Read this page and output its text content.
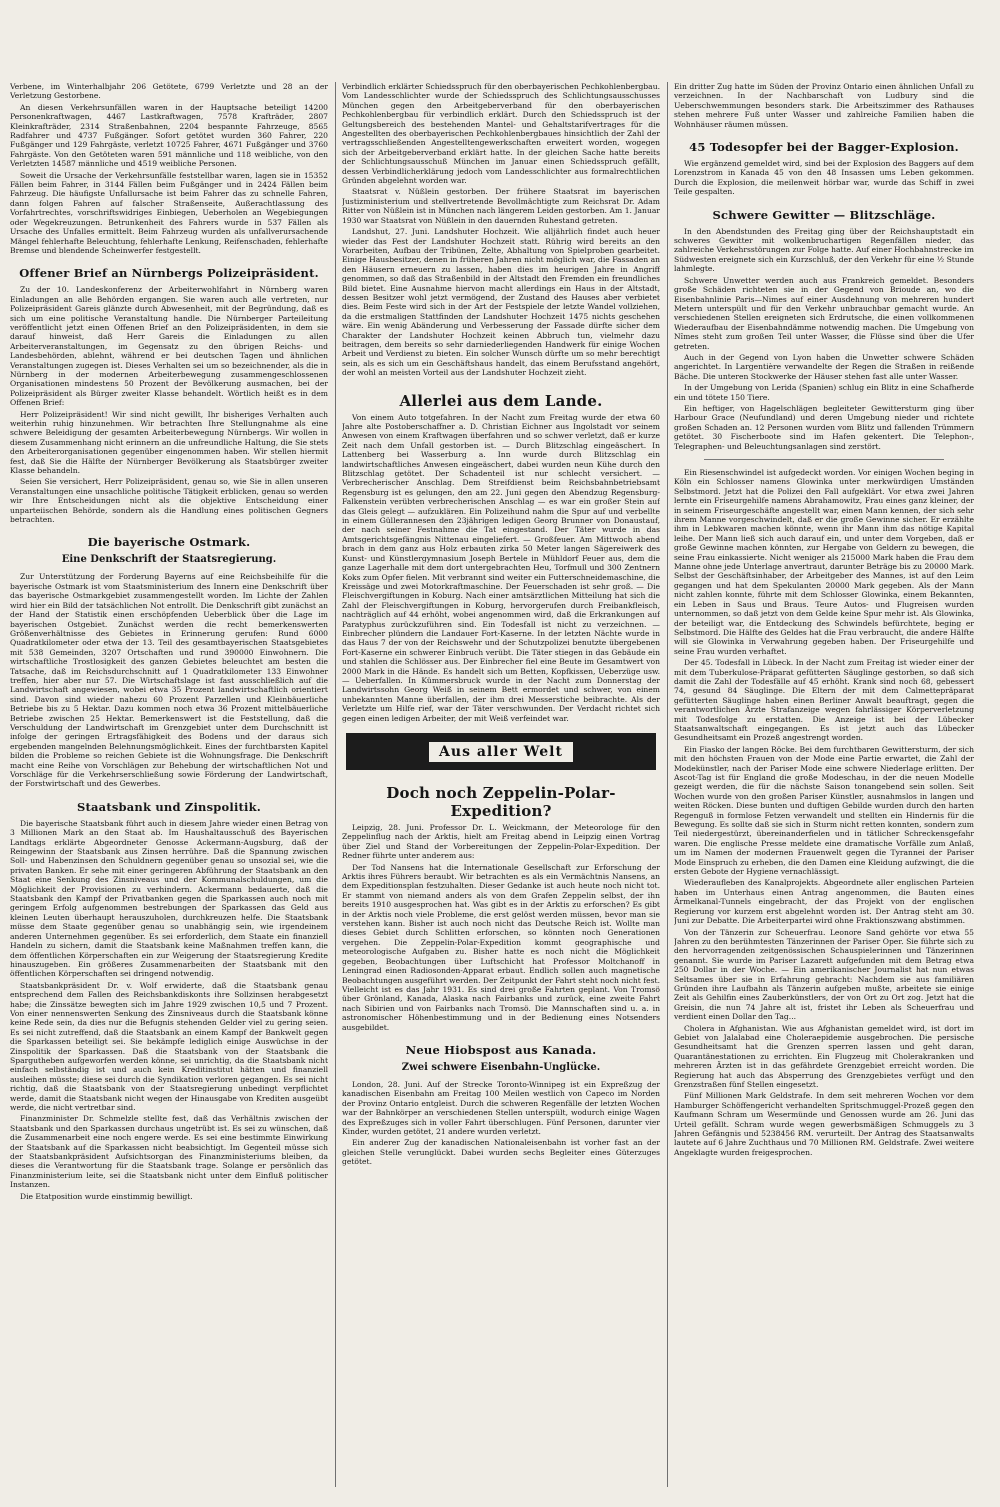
Verbene, im Winterhalbjahr 206 Getötete, 6799 Verletzte und 28 an der Verletzung Gestorbene.

An diesen Verkehrsunfällen waren in der Hauptsache beteiligt 14200 Personenkraftwagen, 4467 Lastkraftwagen, 7578 Krafträder, 2807 Kleinkrafträder, 2314 Straßenbahnen, 2204 bespannte Fahrzeuge, 8565 Radfahrer und 4737 Fußgänger. Sofort getötet wurden 360 Fahrer, 220 Fußgänger und 129 Fahrgäste, verletzt 10725 Fahrer, 4671 Fußgänger und 3760 Fahrgäste. Von den Getöteten waren 591 männliche und 118 weibliche, von den Verletzten 14587 männliche und 4519 weibliche Personen.

Soweit die Ursache der Verkehrsunfälle feststellbar waren, lagen sie in 15352 Fällen beim Fahrer, in 3144 Fällen beim Fußgänger und in 2424 Fällen beim Fahrzeug. Die häufigste Unfallursache ist beim Fahrer das zu schnelle Fahren, dann folgen Fahren auf falscher Straßenseite, Außerachtlassung des Vorfahrtrechtes, vorschriftswidriges Einbiegen, Ueberholen an Wegebiegungen oder Wegekreuzungen. Betrunkenheit des Fahrers wurde in 537 Fällen als Ursache des Unfalles ermittelt. Beim Fahrzeug wurden als unfallverursachende Mängel fehlerhafte Beleuchtung, fehlerhafte Lenkung, Reifenschaden, fehlerhafte Bremse und blendende Scheinwerfer festgestellt.

Offener Brief an Nürnbergs Polizeipräsident.

Zu der 10. Landeskonferenz der Arbeiterwohlfahrt in Nürnberg waren Einladungen an alle Behörden ergangen. Sie waren auch alle vertreten, nur Polizeipräsident Gareis glänzte durch Abwesenheit, mit der Begründung, daß es sich um eine politische Veranstaltung handle. Die Nürnberger Parteileitung veröffentlicht jetzt einen Offenen Brief an den Polizeipräsidenten, in dem sie darauf hinweist, daß Herr Gareis die Einladungen zu allen Arbeiterveranstaltungen, im Gegensatz zu den übrigen Reichs- und Landesbehörden, ablehnt, während er bei deutschen Tagen und ähnlichen Veranstaltungen zugegen ist. Dieses Verhalten sei um so bezeichnender, als die in Nürnberg in der modernen Arbeiterbewegung zusammengeschlossenen Organisationen mindestens 50 Prozent der Bevölkerung ausmachen, bei der Polizeipräsident als Bürger zweiter Klasse behandelt. Wörtlich heißt es in dem Offenen Brief:

Herr Polizeipräsident! Wir sind nicht gewillt, Ihr bisheriges Verhalten auch weiterhin ruhig hinzunehmen. Wir betrachten Ihre Stellungnahme als eine schwere Beleidigung der gesamten Arbeiterbewegung Nürnbergs. Wir wollen in diesem Zusammenhang nicht erinnern an die unfreundliche Haltung, die Sie stets den Arbeiterorganisationen gegenüber eingenommen haben. Wir stellen hiermit fest, daß Sie die Hälfte der Nürnberger Bevölkerung als Staatsbürger zweiter Klasse behandeln.

Seien Sie versichert, Herr Polizeipräsident, genau so, wie Sie in allen unseren Veranstaltungen eine unsachliche politische Tätigkeit erblicken, genau so werden wir Ihre Entscheidungen nicht als die objektive Entscheidung einer unparteiischen Behörde, sondern als die Handlung eines politischen Gegners betrachten.

Die bayerische Ostmark.
Eine Denkschrift der Staatsregierung.

Zur Unterstützung der Forderung Bayerns auf eine Reichsbeihilfe für die bayerische Ostmark ist vom Staatsministerium des Innern eine Denkschrift über das bayerische Ostmarkgebiet zusammengestellt worden. Im Lichte der Zahlen wird hier ein Bild der tatsächlichen Not entrollt. Die Denkschrift gibt zunächst an der Hand der Statistik einen erschöpfenden Ueberblick über die Lage im bayerischen Ostgebiet. Zunächst werden die recht bemerkenswerten Größenverhältnisse des Gebietes in Erinnerung gerufen: Rund 6000 Quadratkilometer oder etwa der 13. Teil des gesamtbayerischen Staatsgebietes mit 538 Gemeinden, 3207 Ortschaften und rund 390000 Einwohnern. Die wirtschaftliche Trostlosigkeit des ganzen Gebietes beleuchtet am besten die Tatsache, daß im Reichsdurchschnitt auf 1 Quadratkilometer 133 Einwohner treffen, hier aber nur 57. Die Wirtschaftslage ist fast ausschließlich auf die Landwirtschaft angewiesen, wobei etwa 35 Prozent landwirtschaftlich orientiert sind. Davon sind wieder nahezu 60 Prozent Parzellen und Kleinbäuerliche Betriebe bis zu 5 Hektar. Dazu kommen noch etwa 36 Prozent mittelbäuerliche Betriebe zwischen 25 Hektar. Bemerkenswert ist die Feststellung, daß die Verschuldung der Landwirtschaft im Grenzgebiet unter dem Durchschnitt ist infolge der geringen Ertragsfähigkeit des Bodens und der daraus sich ergebenden mangelnden Belehnungsmöglichkeit. Eines der furchtbarsten Kapitel bilden die Probleme so reichen Gebiete ist die Wohnungsfrage. Die Denkschrift macht eine Reihe von Vorschlägen zur Behebung der wirtschaftlichen Not und Vorschläge für die Verkehrserschließung sowie Förderung der Landwirtschaft, der Forstwirtschaft und des Gewerbes.

Staatsbank und Zinspolitik.

Die bayerische Staatsbank führt auch in diesem Jahre wieder einen Betrag von 3 Millionen Mark an den Staat ab. Im Haushaltausschuß des Bayerischen Landtags erklärte Abgeordneter Genosse Ackermann-Augsburg, daß der Reingewinn der Staatsbank aus Zinsen herrühre. Daß die Spannung zwischen Soll- und Habenzinsen den Schuldnern gegenüber genau so unsozial sei, wie die privaten Banken. Er sehe mit einer geringeren Abführung der Staatsbank an den Staat eine Senkung des Zinsniveaus und der Kommunalschuldungen, um die Möglichkeit der Provisionen zu verhindern. Ackermann bedauerte, daß die Staatsbank den Kampf der Privatbanken gegen die Sparkassen auch noch mit geringem Erfolg aufgenommen bestrebungen der Sparkassen das Geld aus kleinen Leuten überhaupt herauszuholen, durchkreuzen helfe. Die Staatsbank müsse dem Staate gegenüber genau so unabhängig sein, wie irgendeinem anderen Unternehmen gegenüber. Es sei erforderlich, dem Staate ein finanziell Handeln zu sichern, damit die Staatsbank keine Maßnahmen treffen kann, die dem öffentlichen Körperschaften ein zur Weigerung der Staatsregierung Kredite hinauszugeben. Ein größeres Zusammenarbeiten der Staatsbank mit den öffentlichen Körperschaften sei dringend notwendig.

Staatsbankpräsident Dr. v. Wolf erwiderte, daß die Staatsbank genau entsprechend dem Fallen des Reichsbankdiskonts ihre Sollzinsen herabgesetzt habe; die Zinssätze bewegten sich im Jahre 1929 zwischen 10,5 und 7 Prozent. Von einer nennenswerten Senkung des Zinsniveaus durch die Staatsbank könne keine Rede sein, da dies nur die Befugnis stehenden Gelder viel zu gering seien. Es sei nicht zutreffend, daß die Staatsbank an einem Kampf der Bankwelt gegen die Sparkassen beteiligt sei. Sie bekämpfe lediglich einige Auswüchse in der Zinspolitik der Sparkassen. Daß die Staatsbank von der Staatsbank die Spargutheben aufgeworfen werden könne, sei unrichtig, da die Staatsbank nicht einfach selbständig ist und auch kein Kreditinstitut hätten und finanziell ausleihen müsste; diese sei durch die Syndikation verloren gegangen. Es sei nicht richtig, daß die Staatsbank von der Staatsregierung unbedingt verpflichtet werde, damit die Staatsbank nicht wegen der Hinausgabe von Krediten ausgeübt werde, die nicht vertretbar sind.

Finanzminister Dr. Schmelzle stellte fest, daß das Verhältnis zwischen der Staatsbank und den Sparkassen durchaus ungetrübt ist. Es sei zu wünschen, daß die Zusammenarbeit eine noch engere werde. Es sei eine bestimmte Einwirkung der Staatsbank auf die Sparkassen nicht beabsichtigt. Im Gegenteil müsse sich der Staatsbankpräsident Aufsichtsorgan des Finanzministeriums bleiben, da dieses die Verantwortung für die Staatsbank trage. Solange er persönlich das Finanzministerium leite, sei die Staatsbank nicht unter dem Einfluß politischer Instanzen.

Die Etatposition wurde einstimmig bewilligt.

Verbindlich erklärter Schiedsspruch für den oberbayerischen Pechkohlenbergbau. Vom Landesschlichter wurde der Schiedsspruch des Schlichtungsausschusses München gegen den Arbeitgeberverband für den oberbayerischen Pechkohlenbergbau für verbindlich erklärt. Durch den Schiedsspruch ist der Geltungsbereich des bestehenden Mantel- und Gehaltstarifvertrages für die Angestellten des oberbayerischen Pechkohlenbergbaues hinsichtlich der Zahl der vertragsschließenden Angestelltengewerkschaften erweitert worden, wogegen sich der Arbeitgeberverband erklärt hatte. In der gleichen Sache hatte bereits der Schlichtungsausschuß München im Januar einen Schiedsspruch gefällt, dessen Verbindlicherklärung jedoch vom Landesschlichter aus formalrechtlichen Gründen abgelehnt worden war.

Staatsrat v. Nüßlein gestorben. Der frühere Staatsrat im bayerischen Justizministerium und stellvertretende Bevollmächtigte zum Reichsrat Dr. Adam Ritter von Nüßlein ist in München nach längerem Leiden gestorben. Am 1. Januar 1930 war Staatsrat von Nüßlein in den dauernden Ruhestand getreten.

Landshut, 27. Juni. Landshuter Hochzeit. Wie alljährlich findet auch heuer wieder das Fest der Landshuter Hochzeit statt. Rührig wird bereits an den Vorarbeiten, Aufbau der Tribünen, Zelte, Abhaltung von Spielproben gearbeitet. Einige Hausbesitzer, denen in früheren Jahren nicht möglich war, die Fassaden an den Häusern erneuern zu lassen, haben dies im heurigen Jahre in Angriff genommen, so daß das Straßenbild in der Altstadt den Fremden ein freundliches Bild bietet. Eine Ausnahme hiervon macht allerdings ein Haus in der Altstadt, dessen Besitzer wohl jetzt vermögend, der Zustand des Hauses aber verbietet dies. Beim Feste wird sich in der Art der Festspiele der letzte Wandel vollziehen, da die erstmaligen Stattfinden der Landshuter Hochzeit 1475 nichts geschehen wäre. Ein wenig Abänderung und Verbesserung der Fassade dürfte sicher dem Charakter der Landshuter Hochzeit keinen Abbruch tun, vielmehr dazu beitragen, dem bereits so sehr darniederliegenden Handwerk für einige Wochen Arbeit und Verdienst zu bieten. Ein solcher Wunsch dürfte um so mehr berechtigt sein, als es sich um ein Geschäftshaus handelt, das einem Berufsstand angehört, der wohl an meisten Vorteil aus der Landshuter Hochzeit zieht.

Allerlei aus dem Lande.

Von einem Auto totgefahren. In der Nacht zum Freitag wurde der etwa 60 Jahre alte Postoberschaffner a. D. Christian Eichner aus Ingolstadt vor seinem Anwesen von einem Kraftwagen überfahren und so schwer verletzt, daß er kurze Zeit nach dem Unfall gestorben ist. — Durch Blitzschlag eingeäschert. In Lattenberg bei Wasserburg a. Inn wurde durch Blitzschlag ein landwirtschaftliches Anwesen eingeäschert, dabei wurden neun Kühe durch den Blitzschlag getötet. Der Schadenteil ist nur schlecht versichert. — Verbrecherischer Anschlag. Dem Streifdienst beim Reichsbahnbetriebsamt Regensburg ist es gelungen, den am 22. Juni gegen den Abendzug Regensburg-Falkenstein verübten verbrecherischen Anschlag — es war ein großer Stein auf das Gleis gelegt — aufzuklären. Ein Polizeihund nahm die Spur auf und verbellte in einem Güllerannesen den 23jährigen ledigen Georg Brunner von Donaustauf, der nach seiner Festnahme die Tat eingestand. Der Täter wurde in das Amtsgerichtsgefängnis Nittenau eingeliefert. — Großfeuer. Am Mittwoch abend brach in dem ganz aus Holz erbauten zirka 50 Meter langen Sägereiwerk des Kunst- und Künstlergymnasium Joseph Bertele in Mühldorf Feuer aus, dem die ganze Lagerhalle mit dem dort untergebrachten Heu, Torfmull und 300 Zentnern Koks zum Opfer fielen. Mit verbrannt sind weiter ein Futterschneidemaschine, die Kreissäge und zwei Motorkraftmaschine. Der Feuerschaden ist sehr groß. — Die Fleischvergiftungen in Koburg. Nach einer amtsärztlichen Mitteilung hat sich die Zahl der Fleischvergiftungen in Koburg, hervorgerufen durch Freibankfleisch, nachträglich auf 44 erhöht, wobei angenommen wird, daß die Erkrankungen auf Paratyphus zurückzuführen sind. Ein Todesfall ist nicht zu verzeichnen. — Einbrecher plündern die Landauer Fort-Kaserne. In der letzten Nächte wurde in das Haus 7 der von der Reichswehr und der Schutzpolizei benutzte übergebenen Fort-Kaserne ein schwerer Einbruch verübt. Die Täter stiegen in das Gebäude ein und stahlen die Schlösser aus. Der Einbrecher fiel eine Beute im Gesamtwert von 2000 Mark in die Hände. Es handelt sich um Betten, Kopfkissen, Ueberzüge usw. — Ueberfallen. In Kümmersbruck wurde in der Nacht zum Donnerstag der Landwirtssohn Georg Weiß in seinem Bett ermordet und schwer, von einem unbekannten Manne überfallen, der ihm drei Messerstiche beibrachte. Als der Verletzte um Hilfe rief, war der Täter verschwunden. Der Verdacht richtet sich gegen einen ledigen Arbeiter, der mit Weiß verfeindet war.

Aus aller Welt
Doch noch Zeppelin-Polar-Expedition?

Leipzig, 28. Juni. Professor Dr. L. Weickmann, der Meteorologe für den Zeppelinflug nach der Arktis, hielt am Freitag abend in Leipzig einen Vortrag über Ziel und Stand der Vorbereitungen der Zeppelin-Polar-Expedition. Der Redner führte unter anderem aus:

Der Tod Nansens hat die Internationale Gesellschaft zur Erforschung der Arktis ihres Führers beraubt. Wir betrachten es als ein Vermächtnis Nansens, an dem Expeditionsplan festzuhalten. Dieser Gedanke ist auch heute noch nicht tot. Er stammt von niemand anders als von dem Grafen Zeppelin selbst, der ihn bereits 1910 ausgesprochen hat. Was gibt es in der Arktis zu erforschen? Es gibt in der Arktis noch viele Probleme, die erst gelöst werden müssen, bevor man sie verstehen kann. Bisher ist auch noch nicht das Deutsche Reich ist. Wollte man dieses Gebiet durch Schlitten erforschen, so könnten noch Generationen vergehen. Die Zeppelin-Polar-Expedition kommt geographische und meteorologische Aufgaben zu. Bisher hatte es noch nicht die Möglichkeit gegeben, Beobachtungen über Luftschicht hat Professor Moltchanoff in Leningrad einen Radiosonden-Apparat erbaut. Endlich sollen auch magnetische Beobachtungen ausgeführt werden. Der Zeitpunkt der Fahrt steht noch nicht fest. Vielleicht ist es das Jahr 1931. Es sind drei große Fahrten geplant. Von Tromsö über Grönland, Kanada, Alaska nach Fairbanks und zurück, eine zweite Fahrt nach Sibirien und von Fairbanks nach Tromsö. Die Mannschaften sind u. a. in astronomischer Höhenbestimmung und in der Bedienung eines Notsenders ausgebildet.

Neue Hiobspost aus Kanada.
Zwei schwere Eisenbahn-Unglücke.

London, 28. Juni. Auf der Strecke Toronto-Winnipeg ist ein Expreßzug der kanadischen Eisenbahn am Freitag 100 Meilen westlich von Capeco im Norden der Provinz Ontario entgleist. Durch die schweren Regenfälle der letzten Wochen war der Bahnkörper an verschiedenen Stellen unterspült, wodurch einige Wagen des Expreßzuges sich in voller Fahrt überschlugen. Fünf Personen, darunter vier Kinder, wurden getötet, 21 andere wurden verletzt.

Ein anderer Zug der kanadischen Nationaleisenbahn ist vorher fast an der gleichen Stelle verunglückt. Dabei wurden sechs Begleiter eines Güterzuges getötet.

Ein dritter Zug hatte im Süden der Provinz Ontario einen ähnlichen Unfall zu verzeichnen. In der Nachbarschaft von Ludbury sind die Ueberschwemmungen besonders stark. Die Arbeitszimmer des Rathauses stehen mehrere Fuß unter Wasser und zahlreiche Familien haben die Wohnhäuser räumen müssen.

45 Todesopfer bei der Bagger-Explosion.

Wie ergänzend gemeldet wird, sind bei der Explosion des Baggers auf dem Lorenzstrom in Kanada 45 von den 48 Insassen ums Leben gekommen. Durch die Explosion, die meilenweit hörbar war, wurde das Schiff in zwei Teile gespalten.

Schwere Gewitter — Blitzschläge.

In den Abendstunden des Freitag ging über der Reichshauptstadt ein schweres Gewitter mit wolkenbruchartigen Regenfällen nieder, das zahlreiche Verkehrsstörungen zur Folge hatte. Auf einer Hochbahnstrecke im Südwesten ereignete sich ein Kurzschluß, der den Verkehr für eine ½ Stunde lahmlegte.

Schwere Unwetter werden auch aus Frankreich gemeldet. Besonders große Schäden richteten sie in der Gegend von Brioude an, wo die Eisenbahnlinie Paris—Nimes auf einer Ausdehnung von mehreren hundert Metern unterspült und für den Verkehr unbrauchbar gemacht wurde. An verschiedenen Stellen ereigneten sich Erdrutsche, die einen vollkommenen Wiederaufbau der Eisenbahndämme notwendig machen. Die Umgebung von Nîmes steht zum großen Teil unter Wasser, die Flüsse sind über die Ufer getreten.

Auch in der Gegend von Lyon haben die Unwetter schwere Schäden angerichtet. In Largentière verwandelte der Regen die Straßen in reißende Bäche. Die unteren Stockwerke der Häuser stehen fast alle unter Wasser.

In der Umgebung von Lerida (Spanien) schlug ein Blitz in eine Schafherde ein und tötete 150 Tiere.

Ein heftiger, von Hagelschlägen begleiteter Gewittersturm ging über Harbour Grace (Neufundland) und deren Umgebung nieder und richtete großen Schaden an. 12 Personen wurden vom Blitz und fallenden Trümmern getötet. 30 Fischerboote sind im Hafen gekentert. Die Telephon-, Telegraphen- und Beleuchtungsanlagen sind zerstört.

Ein Riesenschwindel ist aufgedeckt worden. Vor einigen Wochen beging in Köln ein Schlosser namens Glowinka unter merkwürdigen Umständen Selbstmord. Jetzt hat die Polizei den Fall aufgeklärt. Vor etwa zwei Jahren lernte ein Friseurgehilfe namens Abrahamowitz, Frau eines ganz kleiner, der in seinem Friseurgeschäfte angestellt war, einen Mann kennen, der sich sehr ihrem Manne vorgeschwindelt, daß er die große Gewinne sicher. Er erzählte ihm in Lebkwaren machen könnte, wenn ihr Mann ihm das nötige Kapital leihe. Der Mann ließ sich auch darauf ein, und unter dem Vorgeben, daß er große Gewinne machen könnten, zur Hergabe von Geldern zu bewegen, die seine Frau einkassierte. Nicht weniger als 215000 Mark haben die Frau dem Manne ohne jede Unterlage anvertraut, darunter Beträge bis zu 20000 Mark. Selbst der Geschäftsinhaber, der Arbeitgeber des Mannes, ist auf den Leim gegangen und hat dem Spekulanten 20000 Mark gegeben. Als der Mann nicht zahlen konnte, führte mit dem Schlosser Glowinka, einem Bekannten, ein Leben in Saus und Braus. Teure Autos- und Flugreisen wurden unternommen, so daß jetzt von dem Gelde keine Spur mehr ist. Als Glowinka, der beteiligt war, die Entdeckung des Schwindels befürchtete, beging er Selbstmord. Die Hälfte des Geldes hat die Frau verbraucht, die andere Hälfte will sie Glowinka in Verwahrung gegeben haben. Der Friseurgehilfe und seine Frau wurden verhaftet.

Der 45. Todesfall in Lübeck. In der Nacht zum Freitag ist wieder einer der mit dem Tuberkulose-Präparat gefütterten Säuglinge gestorben, so daß sich damit die Zahl der Todesfälle auf 45 erhöht. Krank sind noch 68, gebessert 74, gesund 84 Säuglinge. Die Eltern der mit dem Calmettepräparat gefütterten Säuglinge haben einen Berliner Anwalt beauftragt, gegen die verantwortlichen Ärzte Strafanzeige wegen fahrlässiger Körperverletzung mit Todesfolge zu erstatten. Die Anzeige ist bei der Lübecker Staatsanwaltschaft eingegangen. Es ist jetzt auch das Lübecker Gesundheitsamt ein Prozeß angestrengt worden.

Ein Fiasko der langen Röcke. Bei dem furchtbaren Gewittersturm, der sich mit den höchsten Frauen von der Mode eine Partie erwartet, die Zahl der Modekünstler, nach der Pariser Mode eine schwere Niederlage erlitten. Der Ascot-Tag ist für England die große Modeschau, in der die neuen Modelle gezeigt werden, die für die nächste Saison tonangebend sein sollen. Seit Wochen wurde von den großen Pariser Künstler, ausnahmslos in langen und weiten Röcken. Diese bunten und duftigen Gebilde wurden durch den harten Regenguß in formlose Fetzen verwandelt und stellten ein Hindernis für die Bewegung. Es sollte daß sie sich in Sturm nicht retten konnten, sondern zum Teil niedergestürzt, übereinanderfielen und in tätlicher Schreckensgefahr waren. Die englische Presse meldete eine dramatische Vorfälle zum Anlaß, um im Namen der modernen Frauenwelt gegen die Tyrannei der Pariser Mode Einspruch zu erheben, die den Damen eine Kleidung aufzwingt, die die ersten Gebote der Hygiene vernachlässigt.

Wiederaufleben des Kanalprojekts. Abgeordnete aller englischen Parteien haben im Unterhaus einen Antrag angenommen, die Bauten eines Ärmelkanal-Tunnels eingebracht, der das Projekt von der englischen Regierung vor kurzem erst abgelehnt worden ist. Der Antrag steht am 30. Juni zur Debatte. Die Arbeiterpartei wird ohne Fraktionszwang abstimmen.

Von der Tänzerin zur Scheuerfrau. Leonore Sand gehörte vor etwa 55 Jahren zu den berühmtesten Tänzerinnen der Pariser Oper. Sie führte sich zu den hervorragenden zeitgenössischen Schauspielerinnen und Tänzerinnen genannt. Sie wurde im Pariser Lazarett aufgefunden mit dem Betrag etwa 250 Dollar in der Woche. — Ein amerikanischer Journalist hat nun etwas Seltsames über sie in Erfahrung gebracht: Nachdem sie aus familiären Gründen ihre Laufbahn als Tänzerin aufgeben mußte, arbeitete sie einige Zeit als Gehilfin eines Zauberkünstlers, der von Ort zu Ort zog. Jetzt hat die Greisin, die nun 74 Jahre alt ist, fristet ihr Leben als Scheuerfrau und verdient einen Dollar den Tag...

Cholera in Afghanistan. Wie aus Afghanistan gemeldet wird, ist dort im Gebiet von Jalalabad eine Choleraepidemie ausgebrochen. Die persische Gesundheitsamt hat die Grenzen sperren lassen und geht daran, Quarantänestationen zu errichten. Ein Flugzeug mit Cholerakranken und mehreren Ärzten ist in das gefährdete Grenzgebiet erreicht worden. Die Regierung hat auch das Absperrung des Grenzgebietes verfügt und den Grenzstraßen fünf Stellen eingesetzt.

Fünf Millionen Mark Geldstrafe. In dem seit mehreren Wochen vor dem Hamburger Schöffengericht verhandelten Spritschmuggel-Prozeß gegen den Kaufmann Schram um Wesermünde und Genossen wurde am 26. Juni das Urteil gefällt. Schram wurde wegen gewerbsmäßigen Schmuggels zu 3 Jahren Gefängnis und 5238456 RM. verurteilt. Der Antrag des Staatsanwalts lautete auf 6 Jahre Zuchthaus und 70 Millionen RM. Geldstrafe. Zwei weitere Angeklagte wurden freigesprochen.
